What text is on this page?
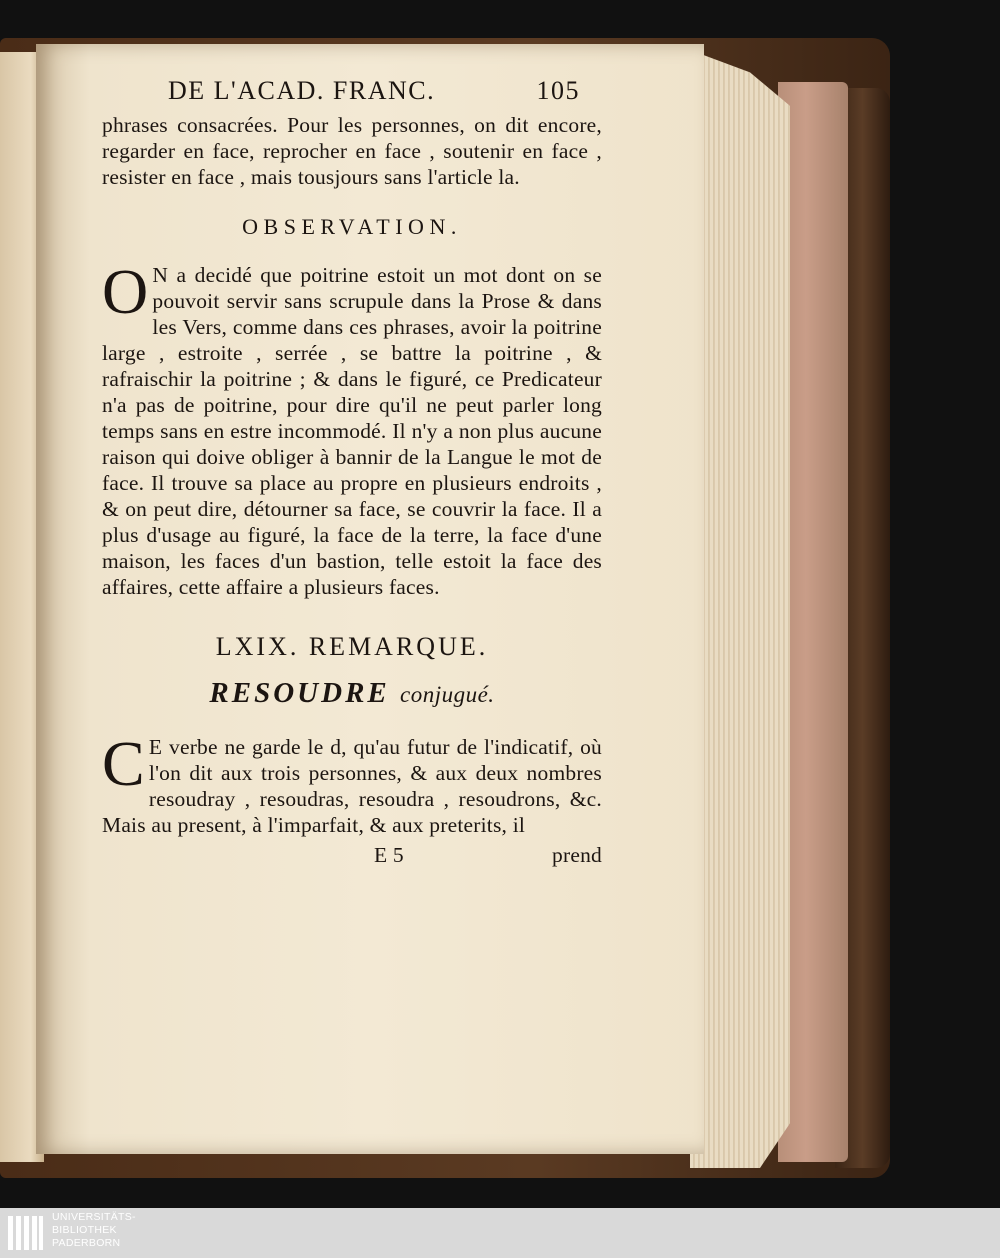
DE L'ACAD. FRANC.	105

phrases consacrées. Pour les personnes, on dit encore, regarder en face, reprocher en face , soutenir en face , resister en face , mais tousjours sans l'article la.

OBSERVATION.

O N a decidé que poitrine estoit un mot dont on se pouvoit servir sans scrupule dans la Prose & dans les Vers, comme dans ces phrases, avoir la poitrine large , estroite , serrée , se battre la poitrine , & rafraischir la poitrine ; & dans le figuré, ce Predicateur n'a pas de poitrine, pour dire qu'il ne peut parler long temps sans en estre incommodé. Il n'y a non plus aucune raison qui doive obliger à bannir de la Langue le mot de face. Il trouve sa place au propre en plusieurs endroits , & on peut dire, détourner sa face, se couvrir la face. Il a plus d'usage au figuré, la face de la terre, la face d'une maison, les faces d'un bastion, telle estoit la face des affaires, cette affaire a plusieurs faces.

LXIX. REMARQUE.
RESOUDRE conjugué.

C E verbe ne garde le d, qu'au futur de l'indicatif, où l'on dit aux trois personnes, & aux deux nombres resoudray , resoudras, resoudra , resoudrons, &c. Mais au present, à l'imparfait, & aux preterits, il

E 5	prend
UNIVERSITÄTS-
BIBLIOTHEK
PADERBORN
